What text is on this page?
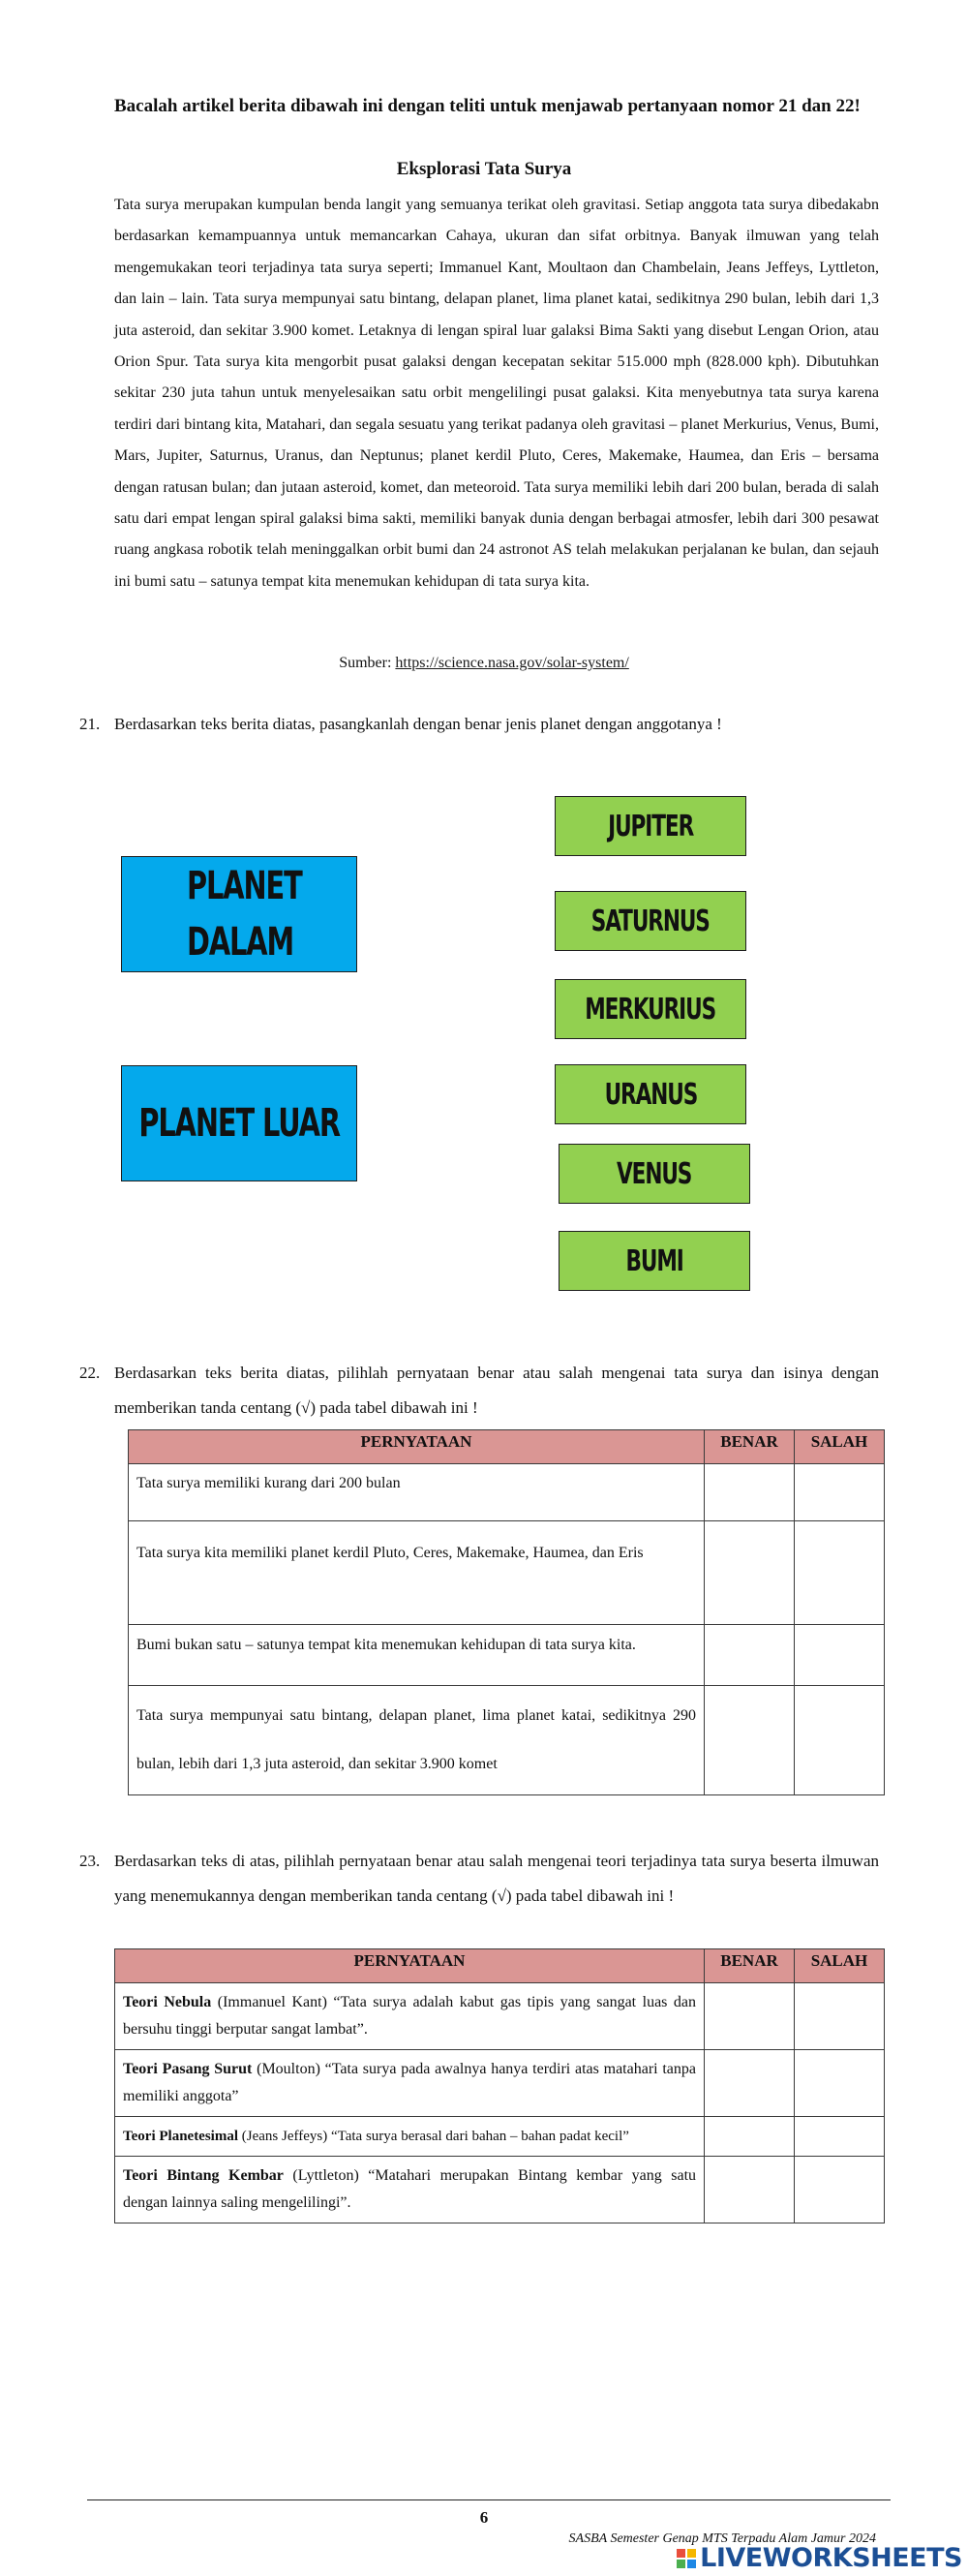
Bacalah artikel berita dibawah ini dengan teliti untuk menjawab pertanyaan nomor 21 dan 22!
Eksplorasi Tata Surya
Tata surya merupakan kumpulan benda langit yang semuanya terikat oleh gravitasi. Setiap anggota tata surya dibedakabn berdasarkan kemampuannya untuk memancarkan Cahaya, ukuran dan sifat orbitnya. Banyak ilmuwan yang telah mengemukakan teori terjadinya tata surya seperti; Immanuel Kant, Moultaon dan Chambelain, Jeans Jeffeys, Lyttleton, dan lain – lain. Tata surya mempunyai satu bintang, delapan planet, lima planet katai, sedikitnya 290 bulan, lebih dari 1,3 juta asteroid, dan sekitar 3.900 komet. Letaknya di lengan spiral luar galaksi Bima Sakti yang disebut Lengan Orion, atau Orion Spur. Tata surya kita mengorbit pusat galaksi dengan kecepatan sekitar 515.000 mph (828.000 kph). Dibutuhkan sekitar 230 juta tahun untuk menyelesaikan satu orbit mengelilingi pusat galaksi. Kita menyebutnya tata surya karena terdiri dari bintang kita, Matahari, dan segala sesuatu yang terikat padanya oleh gravitasi – planet Merkurius, Venus, Bumi, Mars, Jupiter, Saturnus, Uranus, dan Neptunus; planet kerdil Pluto, Ceres, Makemake, Haumea, dan Eris – bersama dengan ratusan bulan; dan jutaan asteroid, komet, dan meteoroid. Tata surya memiliki lebih dari 200 bulan, berada di salah satu dari empat lengan spiral galaksi bima sakti, memiliki banyak dunia dengan berbagai atmosfer, lebih dari 300 pesawat ruang angkasa robotik telah meninggalkan orbit bumi dan 24 astronot AS telah melakukan perjalanan ke bulan, dan sejauh ini bumi satu – satunya tempat kita menemukan kehidupan di tata surya kita.
Sumber: https://science.nasa.gov/solar-system/
21. Berdasarkan teks berita diatas, pasangkanlah dengan benar jenis planet dengan anggotanya !
PLANET DALAM
PLANET LUAR
JUPITER
SATURNUS
MERKURIUS
URANUS
VENUS
BUMI
22. Berdasarkan teks berita diatas, pilihlah pernyataan benar atau salah mengenai tata surya dan isinya dengan memberikan tanda centang (√) pada tabel dibawah ini !
PERNYATAAN	BENAR	SALAH
Tata surya memiliki kurang dari 200 bulan		
Tata surya kita memiliki planet kerdil Pluto, Ceres, Makemake, Haumea, dan Eris		
Bumi bukan satu – satunya tempat kita menemukan kehidupan di tata surya kita.		
Tata surya mempunyai satu bintang, delapan planet, lima planet katai, sedikitnya 290 bulan, lebih dari 1,3 juta asteroid, dan sekitar 3.900 komet		
23. Berdasarkan teks di atas, pilihlah pernyataan benar atau salah mengenai teori terjadinya tata surya beserta ilmuwan yang menemukannya dengan memberikan tanda centang (√) pada tabel dibawah ini !
PERNYATAAN	BENAR	SALAH
Teori Nebula (Immanuel Kant) “Tata surya adalah kabut gas tipis yang sangat luas dan bersuhu tinggi berputar sangat lambat”.		
Teori Pasang Surut (Moulton) “Tata surya pada awalnya hanya terdiri atas matahari tanpa memiliki anggota”		
Teori Planetesimal (Jeans Jeffeys) “Tata surya berasal dari bahan – bahan padat kecil”		
Teori Bintang Kembar (Lyttleton) “Matahari merupakan Bintang kembar yang satu dengan lainnya saling mengelilingi”.		
6
SASBA Semester Genap MTS Terpadu Alam Jamur 2024
LIVEWORKSHEETS
